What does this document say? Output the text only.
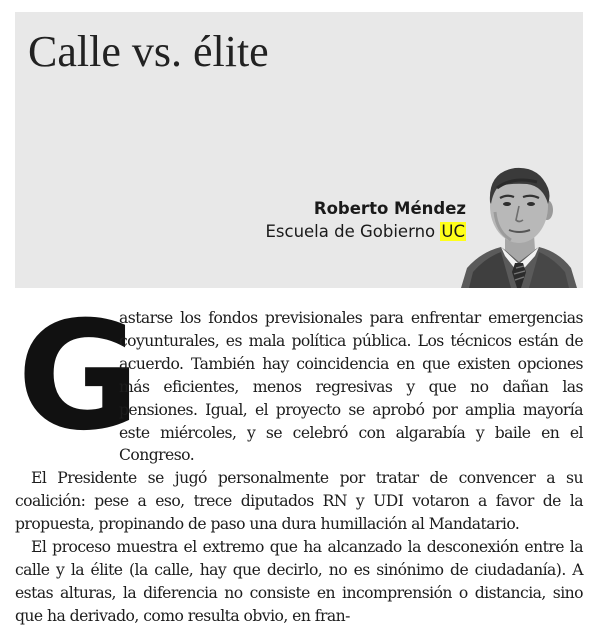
Calle vs. élite
Roberto Méndez
Escuela de Gobierno UC

G
astarse los fondos previsionales para enfrentar emergencias coyunturales, es mala política pública. Los técnicos están de acuerdo. También hay coincidencia en que existen opciones más eficientes, menos regresivas y que no dañan las pensiones. Igual, el proyecto se aprobó por amplia mayoría este miércoles, y se celebró con algarabía y baile en el Congreso.

El Presidente se jugó personalmente por tratar de convencer a su coalición: pese a eso, trece diputados RN y UDI votaron a favor de la propuesta, propinando de paso una dura humillación al Mandatario.

El proceso muestra el extremo que ha alcanzado la desconexión entre la calle y la élite (la calle, hay que decirlo, no es sinónimo de ciudadanía). A estas alturas, la diferencia no consiste en incomprensión o distancia, sino que ha derivado, como resulta obvio, en fran-
